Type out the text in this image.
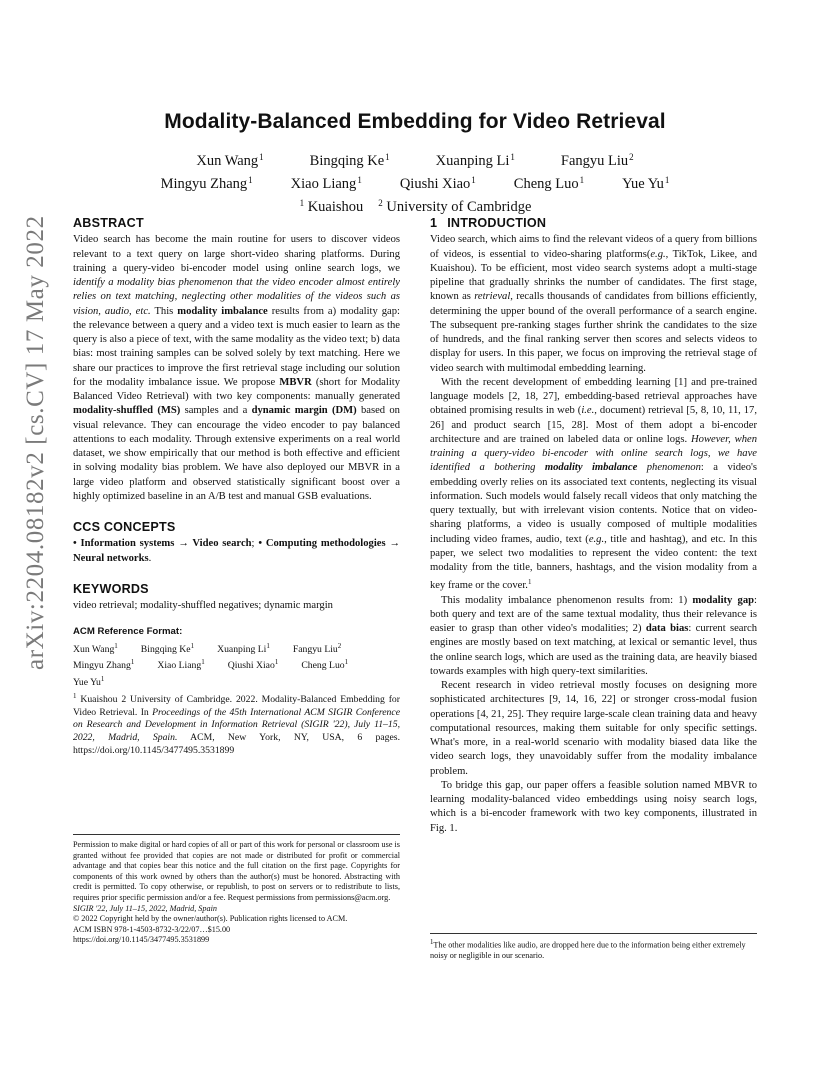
arXiv:2204.08182v2 [cs.CV] 17 May 2022
Modality-Balanced Embedding for Video Retrieval
Xun Wang$^1$	Bingqing Ke$^1$	Xuanping Li$^1$	Fangyu Liu$^2$
Mingyu Zhang$^1$	Xiao Liang$^1$	Qiushi Xiao$^1$	Cheng Luo$^1$	Yue Yu$^1$
$^1$ Kuaishou $^2$ University of Cambridge
ABSTRACT

Video search has become the main routine for users to discover videos relevant to a text query on large short-video sharing platforms. During training a query-video bi-encoder model using online search logs, we identify a modality bias phenomenon that the video encoder almost entirely relies on text matching, neglecting other modalities of the videos such as vision, audio, etc. This modality imbalance results from a) modality gap: the relevance between a query and a video text is much easier to learn as the query is also a piece of text, with the same modality as the video text; b) data bias: most training samples can be solved solely by text matching. Here we share our practices to improve the first retrieval stage including our solution for the modality imbalance issue. We propose MBVR (short for Modality Balanced Video Retrieval) with two key components: manually generated modality-shuffled (MS) samples and a dynamic margin (DM) based on visual relevance. They can encourage the video encoder to pay balanced attentions to each modality. Through extensive experiments on a real world dataset, we show empirically that our method is both effective and efficient in solving modality bias problem. We have also deployed our MBVR in a large video platform and observed statistically significant boost over a highly optimized baseline in an A/B test and manual GSB evaluations.

CCS CONCEPTS

• Information systems → Video search; • Computing methodologies → Neural networks.

KEYWORDS

video retrieval; modality-shuffled negatives; dynamic margin

ACM Reference Format:
Xun Wang$^1$ Bingqing Ke$^1$ Xuanping Li$^1$ Fangyu Liu$^2$
Mingyu Zhang$^1$ Xiao Liang$^1$ Qiushi Xiao$^1$ Cheng Luo$^1$
Yue Yu$^1$
$^1$ Kuaishou 2 University of Cambridge. 2022. Modality-Balanced Embedding for Video Retrieval. In Proceedings of the 45th International ACM SIGIR Conference on Research and Development in Information Retrieval (SIGIR '22), July 11–15, 2022, Madrid, Spain. ACM, New York, NY, USA, 6 pages. https://doi.org/10.1145/3477495.3531899

Permission to make digital or hard copies of all or part of this work for personal or classroom use is granted without fee provided that copies are not made or distributed for profit or commercial advantage and that copies bear this notice and the full citation on the first page. Copyrights for components of this work owned by others than the author(s) must be honored. Abstracting with credit is permitted. To copy otherwise, or republish, to post on servers or to redistribute to lists, requires prior specific permission and/or a fee. Request permissions from permissions@acm.org.

SIGIR '22, July 11–15, 2022, Madrid, Spain

© 2022 Copyright held by the owner/author(s). Publication rights licensed to ACM.

ACM ISBN 978-1-4503-8732-3/22/07…$15.00

https://doi.org/10.1145/3477495.3531899

1 INTRODUCTION

Video search, which aims to find the relevant videos of a query from billions of videos, is essential to video-sharing platforms(e.g., TikTok, Likee, and Kuaishou). To be efficient, most video search systems adopt a multi-stage pipeline that gradually shrinks the number of candidates. The first stage, known as retrieval, recalls thousands of candidates from billions efficiently, determining the upper bound of the overall performance of a search engine. The subsequent pre-ranking stages further shrink the candidates to the size of hundreds, and the final ranking server then scores and selects videos to display for users. In this paper, we focus on improving the retrieval stage of video search with multimodal embedding learning.

With the recent development of embedding learning [1] and pre-trained language models [2, 18, 27], embedding-based retrieval approaches have obtained promising results in web (i.e., document) retrieval [5, 8, 10, 11, 17, 26] and product search [15, 28]. Most of them adopt a bi-encoder architecture and are trained on labeled data or online logs. However, when training a query-video bi-encoder with online search logs, we have identified a bothering modality imbalance phenomenon: a video's embedding overly relies on its associated text contents, neglecting its visual information. Such models would falsely recall videos that only matching the query textually, but with irrelevant vision contents. Notice that on video-sharing platforms, a video is usually composed of multiple modalities including video frames, audio, text (e.g., title and hashtag), and etc. In this paper, we select two modalities to represent the video content: the text modality from the title, banners, hashtags, and the vision modality from a key frame or the cover.$^1$

This modality imbalance phenomenon results from: 1) modality gap: both query and text are of the same textual modality, thus their relevance is easier to grasp than other video's modalities; 2) data bias: current search engines are mostly based on text matching, at lexical or semantic level, thus the online search logs, which are used as the training data, are heavily biased towards examples with high query-text similarities.

Recent research in video retrieval mostly focuses on designing more sophisticated architectures [9, 14, 16, 22] or stronger cross-modal fusion operations [4, 21, 25]. They require large-scale clean training data and heavy computational resources, making them suitable for only specific settings. What's more, in a real-world scenario with modality biased data like the video search logs, they unavoidably suffer from the modality imbalance problem.

To bridge this gap, our paper offers a feasible solution named MBVR to learning modality-balanced video embeddings using noisy search logs, which is a bi-encoder framework with two key components, illustrated in Fig. 1.

$^1$The other modalities like audio, are dropped here due to the information being either extremely noisy or negligible in our scenario.
